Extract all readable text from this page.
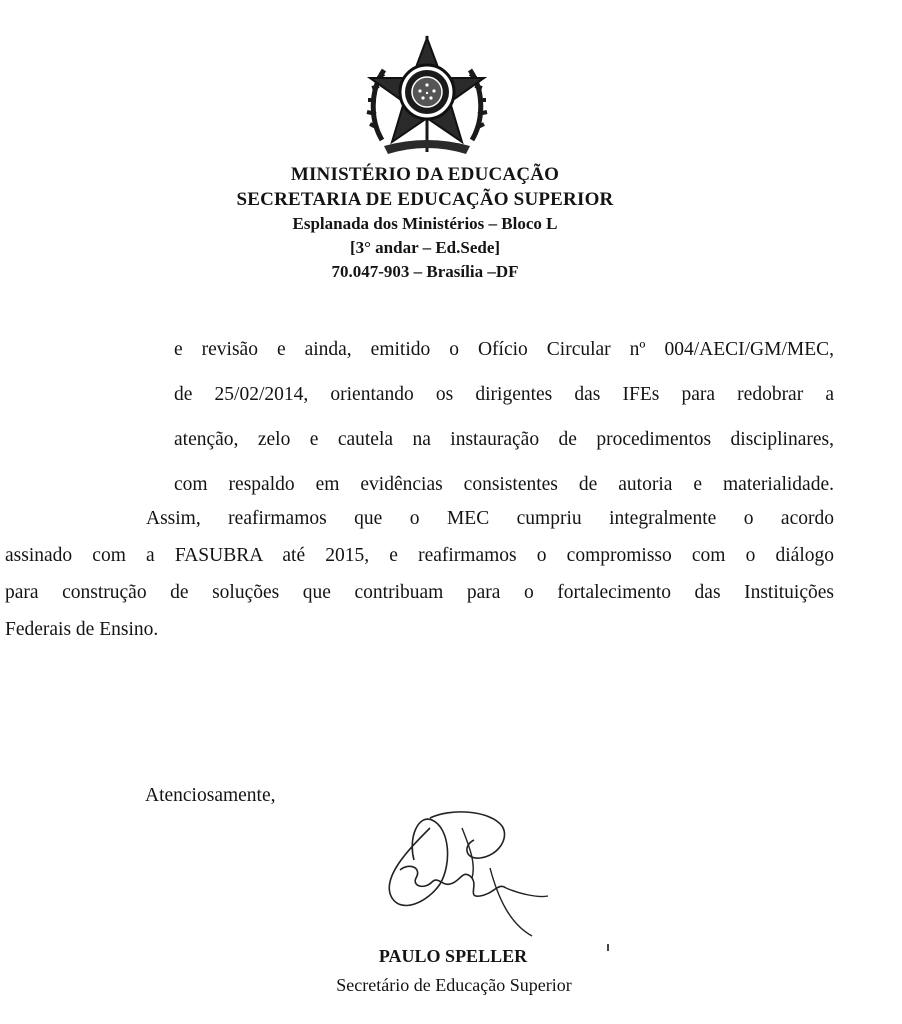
MINISTÉRIO DA EDUCAÇÃO
SECRETARIA DE EDUCAÇÃO SUPERIOR
Esplanada dos Ministérios – Bloco L
[3° andar – Ed.Sede]
70.047-903 – Brasília –DF
e revisão e ainda, emitido o Ofício Circular nº 004/AECI/GM/MEC,
de 25/02/2014, orientando os dirigentes das IFEs para redobrar a
atenção, zelo e cautela na instauração de procedimentos disciplinares,
com respaldo em evidências consistentes de autoria e materialidade.
Assim, reafirmamos que o MEC cumpriu integralmente o acordo
assinado com a FASUBRA até 2015, e reafirmamos o compromisso com o diálogo
para construção de soluções que contribuam para o fortalecimento das Instituições
Federais de Ensino.
Atenciosamente,
PAULO SPELLER
Secretário de Educação Superior
